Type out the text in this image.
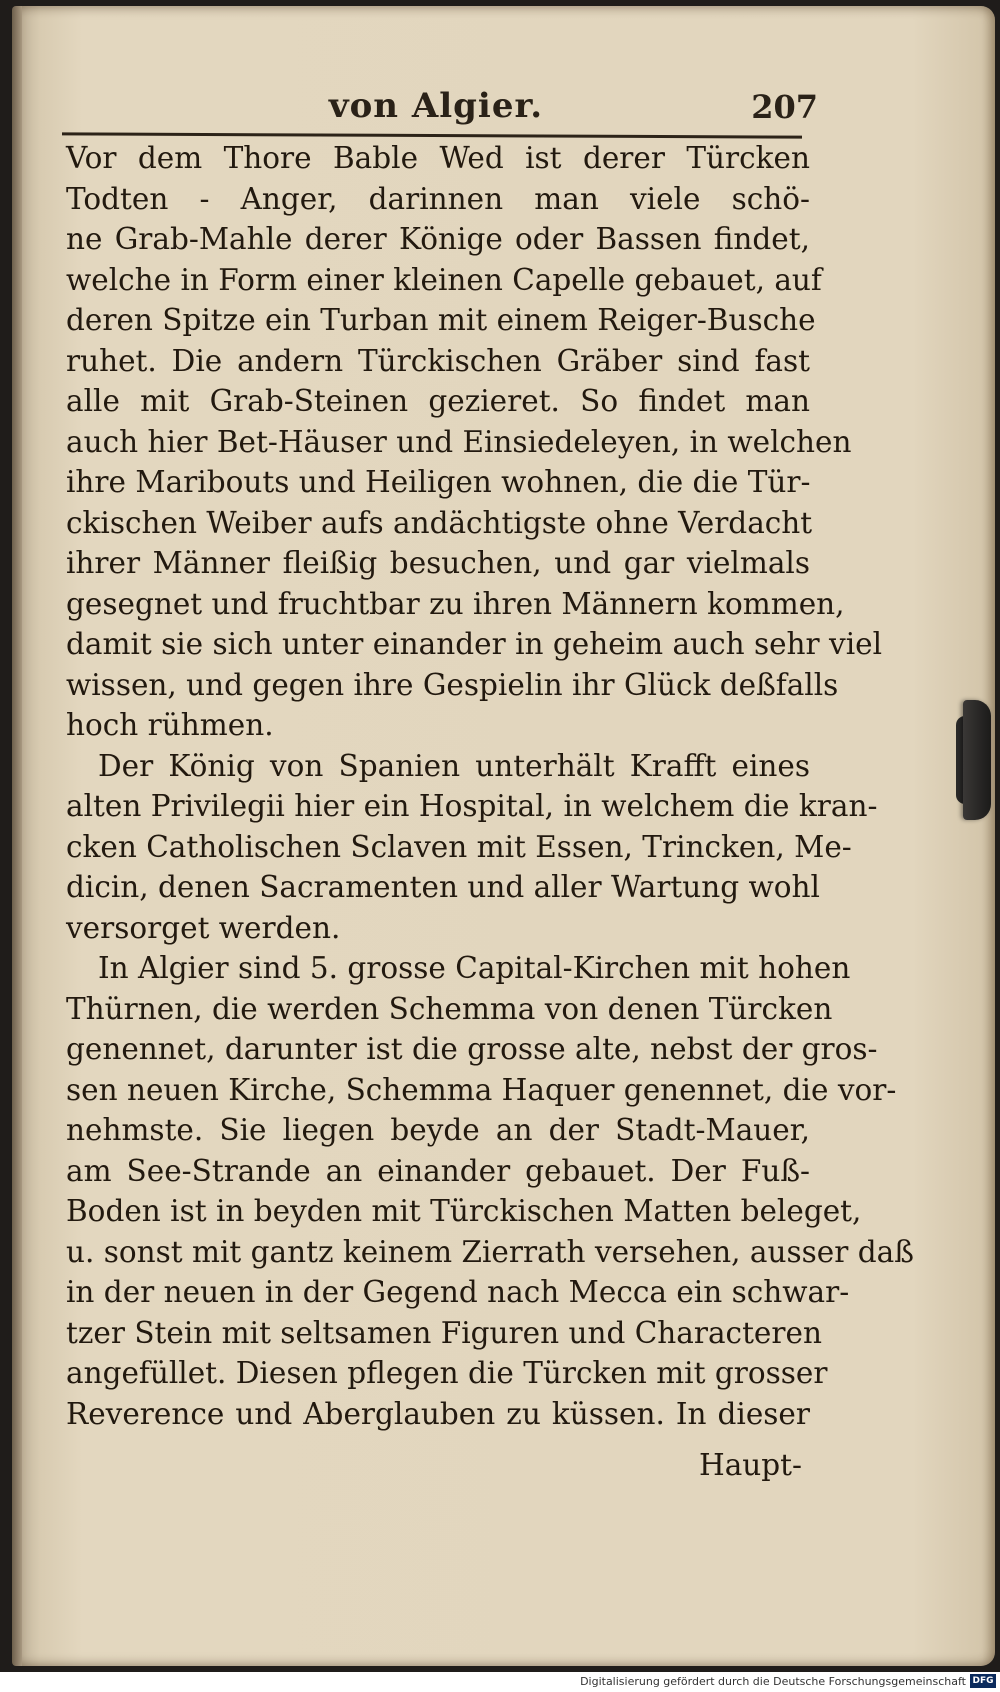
von Algier.	207
Vor dem Thore Bable Wed ist derer Türcken
Todten - Anger, darinnen man viele schö-
ne Grab-Mahle derer Könige oder Bassen findet,
welche in Form einer kleinen Capelle gebauet, auf
deren Spitze ein Turban mit einem Reiger-Busche
ruhet. Die andern Türckischen Gräber sind fast
alle mit Grab-Steinen gezieret. So findet man
auch hier Bet-Häuser und Einsiedeleyen, in welchen
ihre Maribouts und Heiligen wohnen, die die Tür-
ckischen Weiber aufs andächtigste ohne Verdacht
ihrer Männer fleißig besuchen, und gar vielmals
gesegnet und fruchtbar zu ihren Männern kommen,
damit sie sich unter einander in geheim auch sehr viel
wissen, und gegen ihre Gespielin ihr Glück deßfalls
hoch rühmen.
Der König von Spanien unterhält Krafft eines
alten Privilegii hier ein Hospital, in welchem die kran-
cken Catholischen Sclaven mit Essen, Trincken, Me-
dicin, denen Sacramenten und aller Wartung wohl
versorget werden.
In Algier sind 5. grosse Capital-Kirchen mit hohen
Thürnen, die werden Schemma von denen Türcken
genennet, darunter ist die grosse alte, nebst der gros-
sen neuen Kirche, Schemma Haquer genennet, die vor-
nehmste. Sie liegen beyde an der Stadt-Mauer,
am See-Strande an einander gebauet. Der Fuß-
Boden ist in beyden mit Türckischen Matten beleget,
u. sonst mit gantz keinem Zierrath versehen, ausser daß
in der neuen in der Gegend nach Mecca ein schwar-
tzer Stein mit seltsamen Figuren und Characteren
angefüllet. Diesen pflegen die Türcken mit grosser
Reverence und Aberglauben zu küssen. In dieser
Haupt-
Digitalisierung gefördert durch die Deutsche Forschungsgemeinschaft DFG
